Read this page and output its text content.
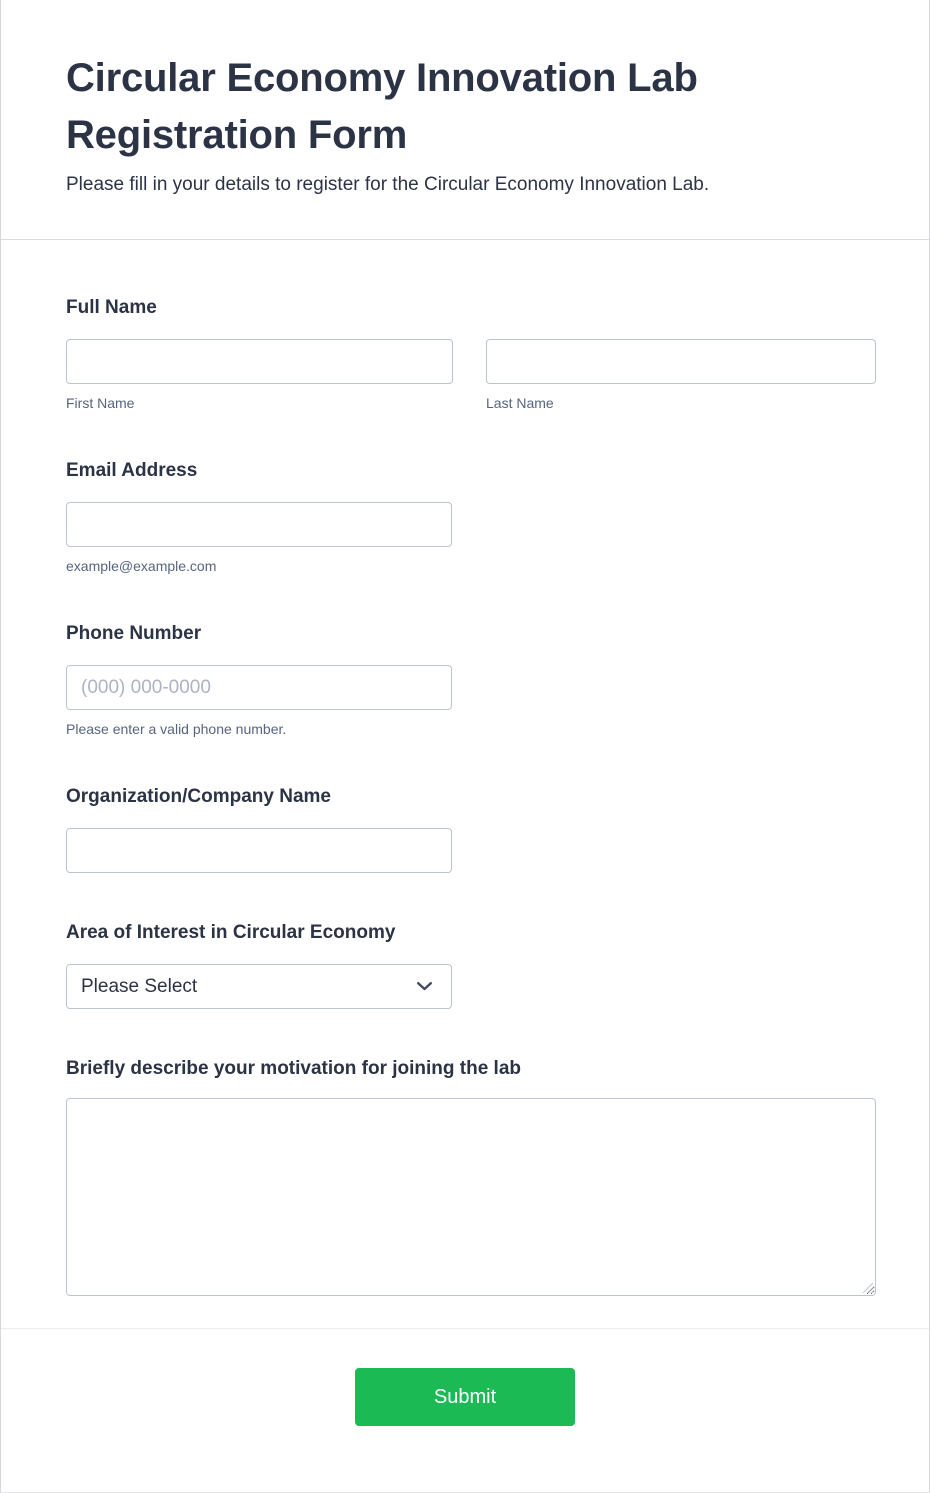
Circular Economy Innovation Lab Registration Form

Please fill in your details to register for the Circular Economy Innovation Lab.

Full Name
First Name	Last Name
Email Address
example@example.com
Phone Number
(000) 000-0000
Please enter a valid phone number.
Organization/Company Name
Area of Interest in Circular Economy
Please Select
Briefly describe your motivation for joining the lab
Submit
